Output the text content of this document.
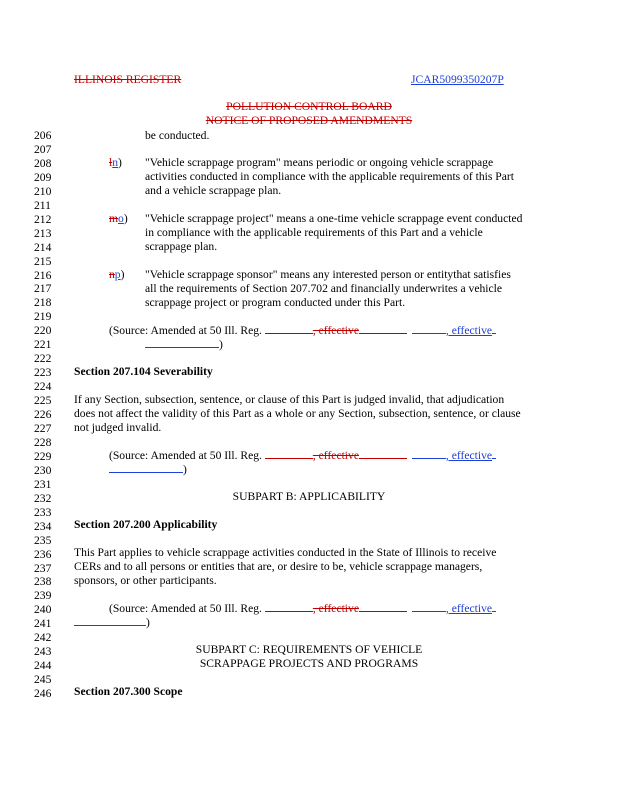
ILLINOIS REGISTER	JCAR5099350207P
POLLUTION CONTROL BOARD
NOTICE OF PROPOSED AMENDMENTS
206
207
208
209
210
211
212
213
214
215
216
217
218
219
220
221
222
223
224
225
226
227
228
229
230
231
232
233
234
235
236
237
238
239
240
241
242
243
244
245
246
be conducted.
ln) "Vehicle scrappage program" means periodic or ongoing vehicle scrappage
activities conducted in compliance with the applicable requirements of this Part
and a vehicle scrappage plan.
mo) "Vehicle scrappage project" means a one-time vehicle scrappage event conducted
in compliance with the applicable requirements of this Part and a vehicle
scrappage plan.
np) "Vehicle scrappage sponsor" means any interested person or entitythat satisfies
all the requirements of Section 207.702 and financially underwrites a vehicle
scrappage project or program conducted under this Part.
(Source: Amended at 50 Ill. Reg.	, effective	, effective
)
Section 207.104 Severability
If any Section, subsection, sentence, or clause of this Part is judged invalid, that adjudication
does not affect the validity of this Part as a whole or any Section, subsection, sentence, or clause
not judged invalid.
(Source: Amended at 50 Ill. Reg.	, effective	, effective
)
SUBPART B: APPLICABILITY
Section 207.200 Applicability
This Part applies to vehicle scrappage activities conducted in the State of Illinois to receive
CERs and to all persons or entities that are, or desire to be, vehicle scrappage managers,
sponsors, or other participants.
(Source: Amended at 50 Ill. Reg.	, effective	, effective
)
SUBPART C: REQUIREMENTS OF VEHICLE
SCRAPPAGE PROJECTS AND PROGRAMS
Section 207.300 Scope
